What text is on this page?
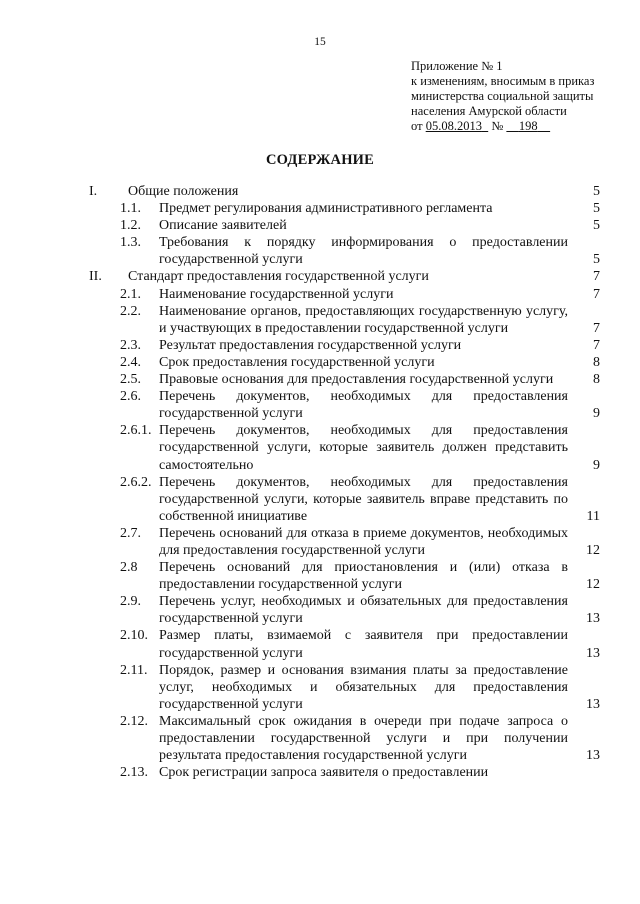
15
Приложение № 1
к изменениям, вносимым в приказ
министерства социальной защиты
населения Амурской области
от 05.08.2013 № 198
СОДЕРЖАНИЕ
I. Общие положения	5
1.1. Предмет регулирования административного регламента	5
1.2. Описание заявителей	5
1.3. Требования к порядку информирования о предоставлении государственной услуги	5
II. Стандарт предоставления государственной услуги	7
2.1. Наименование государственной услуги	7
2.2. Наименование органов, предоставляющих государственную услугу, и участвующих в предоставлении государственной услуги	7
2.3. Результат предоставления государственной услуги	7
2.4. Срок предоставления государственной услуги	8
2.5. Правовые основания для предоставления государственной услуги	8
2.6. Перечень документов, необходимых для предоставления государственной услуги	9
2.6.1. Перечень документов, необходимых для предоставления государственной услуги, которые заявитель должен представить самостоятельно	9
2.6.2. Перечень документов, необходимых для предоставления государственной услуги, которые заявитель вправе представить по собственной инициативе	11
2.7. Перечень оснований для отказа в приеме документов, необходимых для предоставления государственной услуги	12
2.8 Перечень оснований для приостановления и (или) отказа в предоставлении государственной услуги	12
2.9. Перечень услуг, необходимых и обязательных для предоставления государственной услуги	13
2.10. Размер платы, взимаемой с заявителя при предоставлении государственной услуги	13
2.11. Порядок, размер и основания взимания платы за предоставление услуг, необходимых и обязательных для предоставления государственной услуги	13
2.12. Максимальный срок ожидания в очереди при подаче запроса о предоставлении государственной услуги и при получении результата предоставления государственной услуги	13
2.13. Срок регистрации запроса заявителя о предоставлении
